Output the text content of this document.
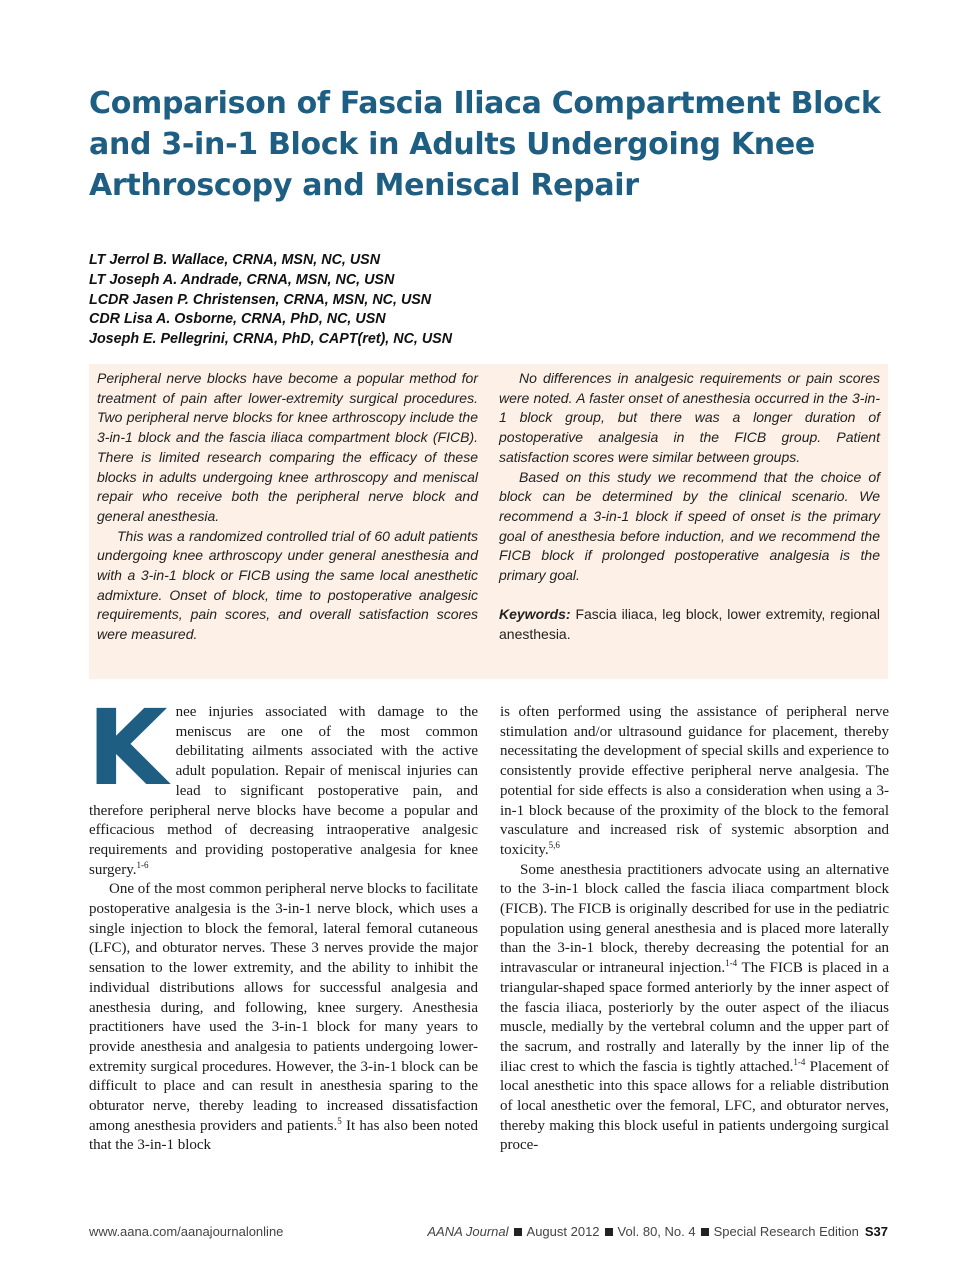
Comparison of Fascia Iliaca Compartment Block and 3-in-1 Block in Adults Undergoing Knee Arthroscopy and Meniscal Repair
LT Jerrol B. Wallace, CRNA, MSN, NC, USN
LT Joseph A. Andrade, CRNA, MSN, NC, USN
LCDR Jasen P. Christensen, CRNA, MSN, NC, USN
CDR Lisa A. Osborne, CRNA, PhD, NC, USN
Joseph E. Pellegrini, CRNA, PhD, CAPT(ret), NC, USN

Peripheral nerve blocks have become a popular method for treatment of pain after lower-extremity surgical procedures. Two peripheral nerve blocks for knee arthroscopy include the 3-in-1 block and the fascia iliaca compartment block (FICB). There is limited research comparing the efficacy of these blocks in adults undergoing knee arthroscopy and meniscal repair who receive both the peripheral nerve block and general anesthesia.

This was a randomized controlled trial of 60 adult patients undergoing knee arthroscopy under general anesthesia and with a 3-in-1 block or FICB using the same local anesthetic admixture. Onset of block, time to postoperative analgesic requirements, pain scores, and overall satisfaction scores were measured.

No differences in analgesic requirements or pain scores were noted. A faster onset of anesthesia occurred in the 3-in-1 block group, but there was a longer duration of postoperative analgesia in the FICB group. Patient satisfaction scores were similar between groups.

Based on this study we recommend that the choice of block can be determined by the clinical scenario. We recommend a 3-in-1 block if speed of onset is the primary goal of anesthesia before induction, and we recommend the FICB block if prolonged postoperative analgesia is the primary goal.

Keywords: Fascia iliaca, leg block, lower extremity, regional anesthesia.

Knee injuries associated with damage to the meniscus are one of the most common debilitating ailments associated with the active adult population. Repair of meniscal injuries can lead to significant postoperative pain, and therefore peripheral nerve blocks have become a popular and efficacious method of decreasing intraoperative analgesic requirements and providing postoperative analgesia for knee surgery.$^{1-6}$

One of the most common peripheral nerve blocks to facilitate postoperative analgesia is the 3-in-1 nerve block, which uses a single injection to block the femoral, lateral femoral cutaneous (LFC), and obturator nerves. These 3 nerves provide the major sensation to the lower extremity, and the ability to inhibit the individual distributions allows for successful analgesia and anesthesia during, and following, knee surgery. Anesthesia practitioners have used the 3-in-1 block for many years to provide anesthesia and analgesia to patients undergoing lower-extremity surgical procedures. However, the 3-in-1 block can be difficult to place and can result in anesthesia sparing to the obturator nerve, thereby leading to increased dissatisfaction among anesthesia providers and patients.$^5$ It has also been noted that the 3-in-1 block

is often performed using the assistance of peripheral nerve stimulation and/or ultrasound guidance for placement, thereby necessitating the development of special skills and experience to consistently provide effective peripheral nerve analgesia. The potential for side effects is also a consideration when using a 3-in-1 block because of the proximity of the block to the femoral vasculature and increased risk of systemic absorption and toxicity.$^{5,6}$

Some anesthesia practitioners advocate using an alternative to the 3-in-1 block called the fascia iliaca compartment block (FICB). The FICB is originally described for use in the pediatric population using general anesthesia and is placed more laterally than the 3-in-1 block, thereby decreasing the potential for an intravascular or intraneural injection.$^{1-4}$ The FICB is placed in a triangular-shaped space formed anteriorly by the inner aspect of the fascia iliaca, posteriorly by the outer aspect of the iliacus muscle, medially by the vertebral column and the upper part of the sacrum, and rostrally and laterally by the inner lip of the iliac crest to which the fascia is tightly attached.$^{1-4}$ Placement of local anesthetic into this space allows for a reliable distribution of local anesthetic over the femoral, LFC, and obturator nerves, thereby making this block useful in patients undergoing surgical proce-

www.aana.com/aanajournalonline	AANA Journal August 2012 Vol. 80, No. 4 Special Research Edition S37
